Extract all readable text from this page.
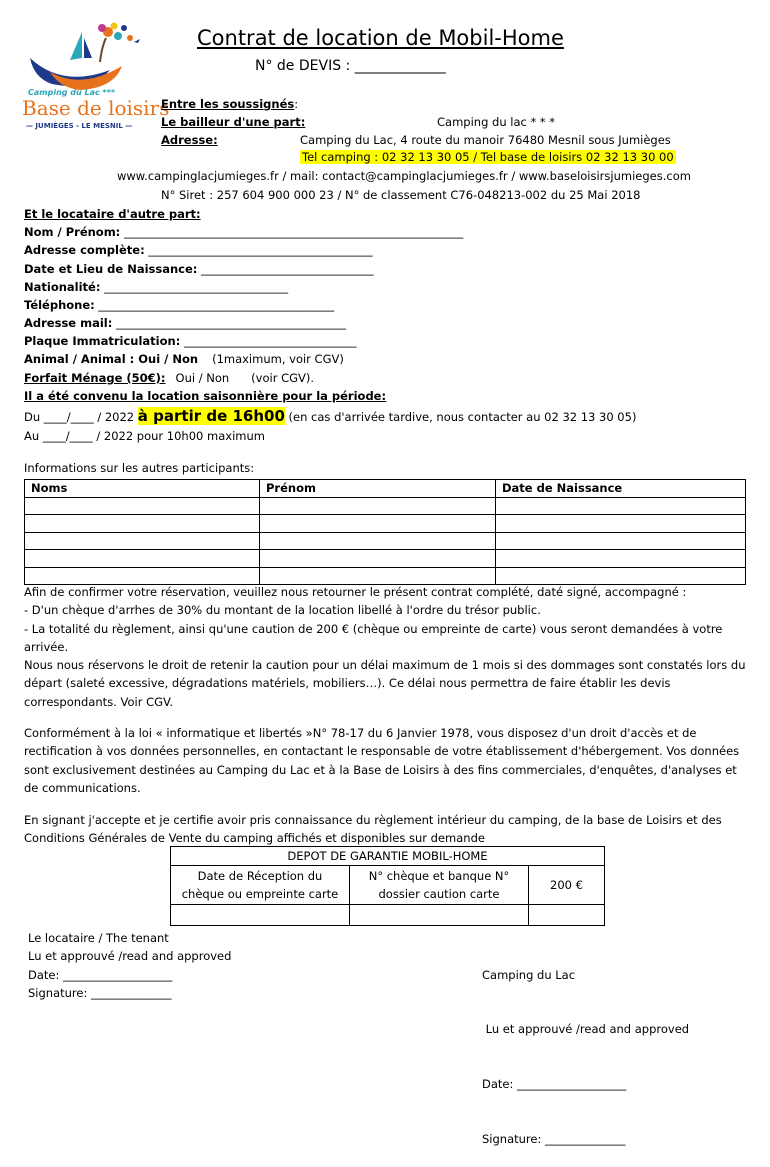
Camping du Lac ***
Base de loisirs
— JUMIÈGES - LE MESNIL —
Contrat de location de Mobil-Home
N° de DEVIS : _____________
Entre les soussignés:
Le bailleur d'une part:	Camping du lac * * *
Adresse:	Camping du Lac, 4 route du manoir 76480 Mesnil sous Jumièges
Tel camping : 02 32 13 30 05 / Tel base de loisirs 02 32 13 30 00
www.campinglacjumieges.fr / mail: contact@campinglacjumieges.fr / www.baseloisirsjumieges.com
N° Siret : 257 604 900 000 23 / N° de classement C76-048213-002 du 25 Mai 2018
Et le locataire d'autre part:
Nom / Prénom: ___________________________________________________________
Adresse complète: _______________________________________
Date et Lieu de Naissance: ______________________________
Nationalité: ________________________________
Téléphone: _________________________________________
Adresse mail: ________________________________________
Plaque Immatriculation: ______________________________
Animal / Animal : Oui / Non (1maximum, voir CGV)
Forfait Ménage (50€): Oui / Non (voir CGV).
Il a été convenu la location saisonnière pour la période:
Du ____/____ / 2022 à partir de 16h00 (en cas d'arrivée tardive, nous contacter au 02 32 13 30 05)
Au ____/____ / 2022 pour 10h00 maximum
Informations sur les autres participants:
Noms	Prénom	Date de Naissance

Afin de confirmer votre réservation, veuillez nous retourner le présent contrat complété, daté signé, accompagné :
- D'un chèque d'arrhes de 30% du montant de la location libellé à l'ordre du trésor public.
- La totalité du règlement, ainsi qu'une caution de 200 € (chèque ou empreinte de carte) vous seront demandées à votre arrivée.
Nous nous réservons le droit de retenir la caution pour un délai maximum de 1 mois si des dommages sont constatés lors du départ (saleté excessive, dégradations matériels, mobiliers…). Ce délai nous permettra de faire établir les devis correspondants. Voir CGV.
Conformément à la loi « informatique et libertés »N° 78-17 du 6 Janvier 1978, vous disposez d'un droit d'accès et de rectification à vos données personnelles, en contactant le responsable de votre établissement d'hébergement. Vos données sont exclusivement destinées au Camping du Lac et à la Base de Loisirs à des fins commerciales, d'enquêtes, d'analyses et de communications.
En signant j'accepte et je certifie avoir pris connaissance du règlement intérieur du camping, de la base de Loisirs et des Conditions Générales de Vente du camping affichés et disponibles sur demande
DEPOT DE GARANTIE MOBIL-HOME		
Date de Réception du chèque ou empreinte carte	N° chèque et banque N° dossier caution carte	200 €

Le locataire / The tenant
Lu et approuvé /read and approved
Date: ___________________
Signature: ______________

Camping du Lac

Lu et approuvé /read and approved

Date: ___________________

Signature: ______________
